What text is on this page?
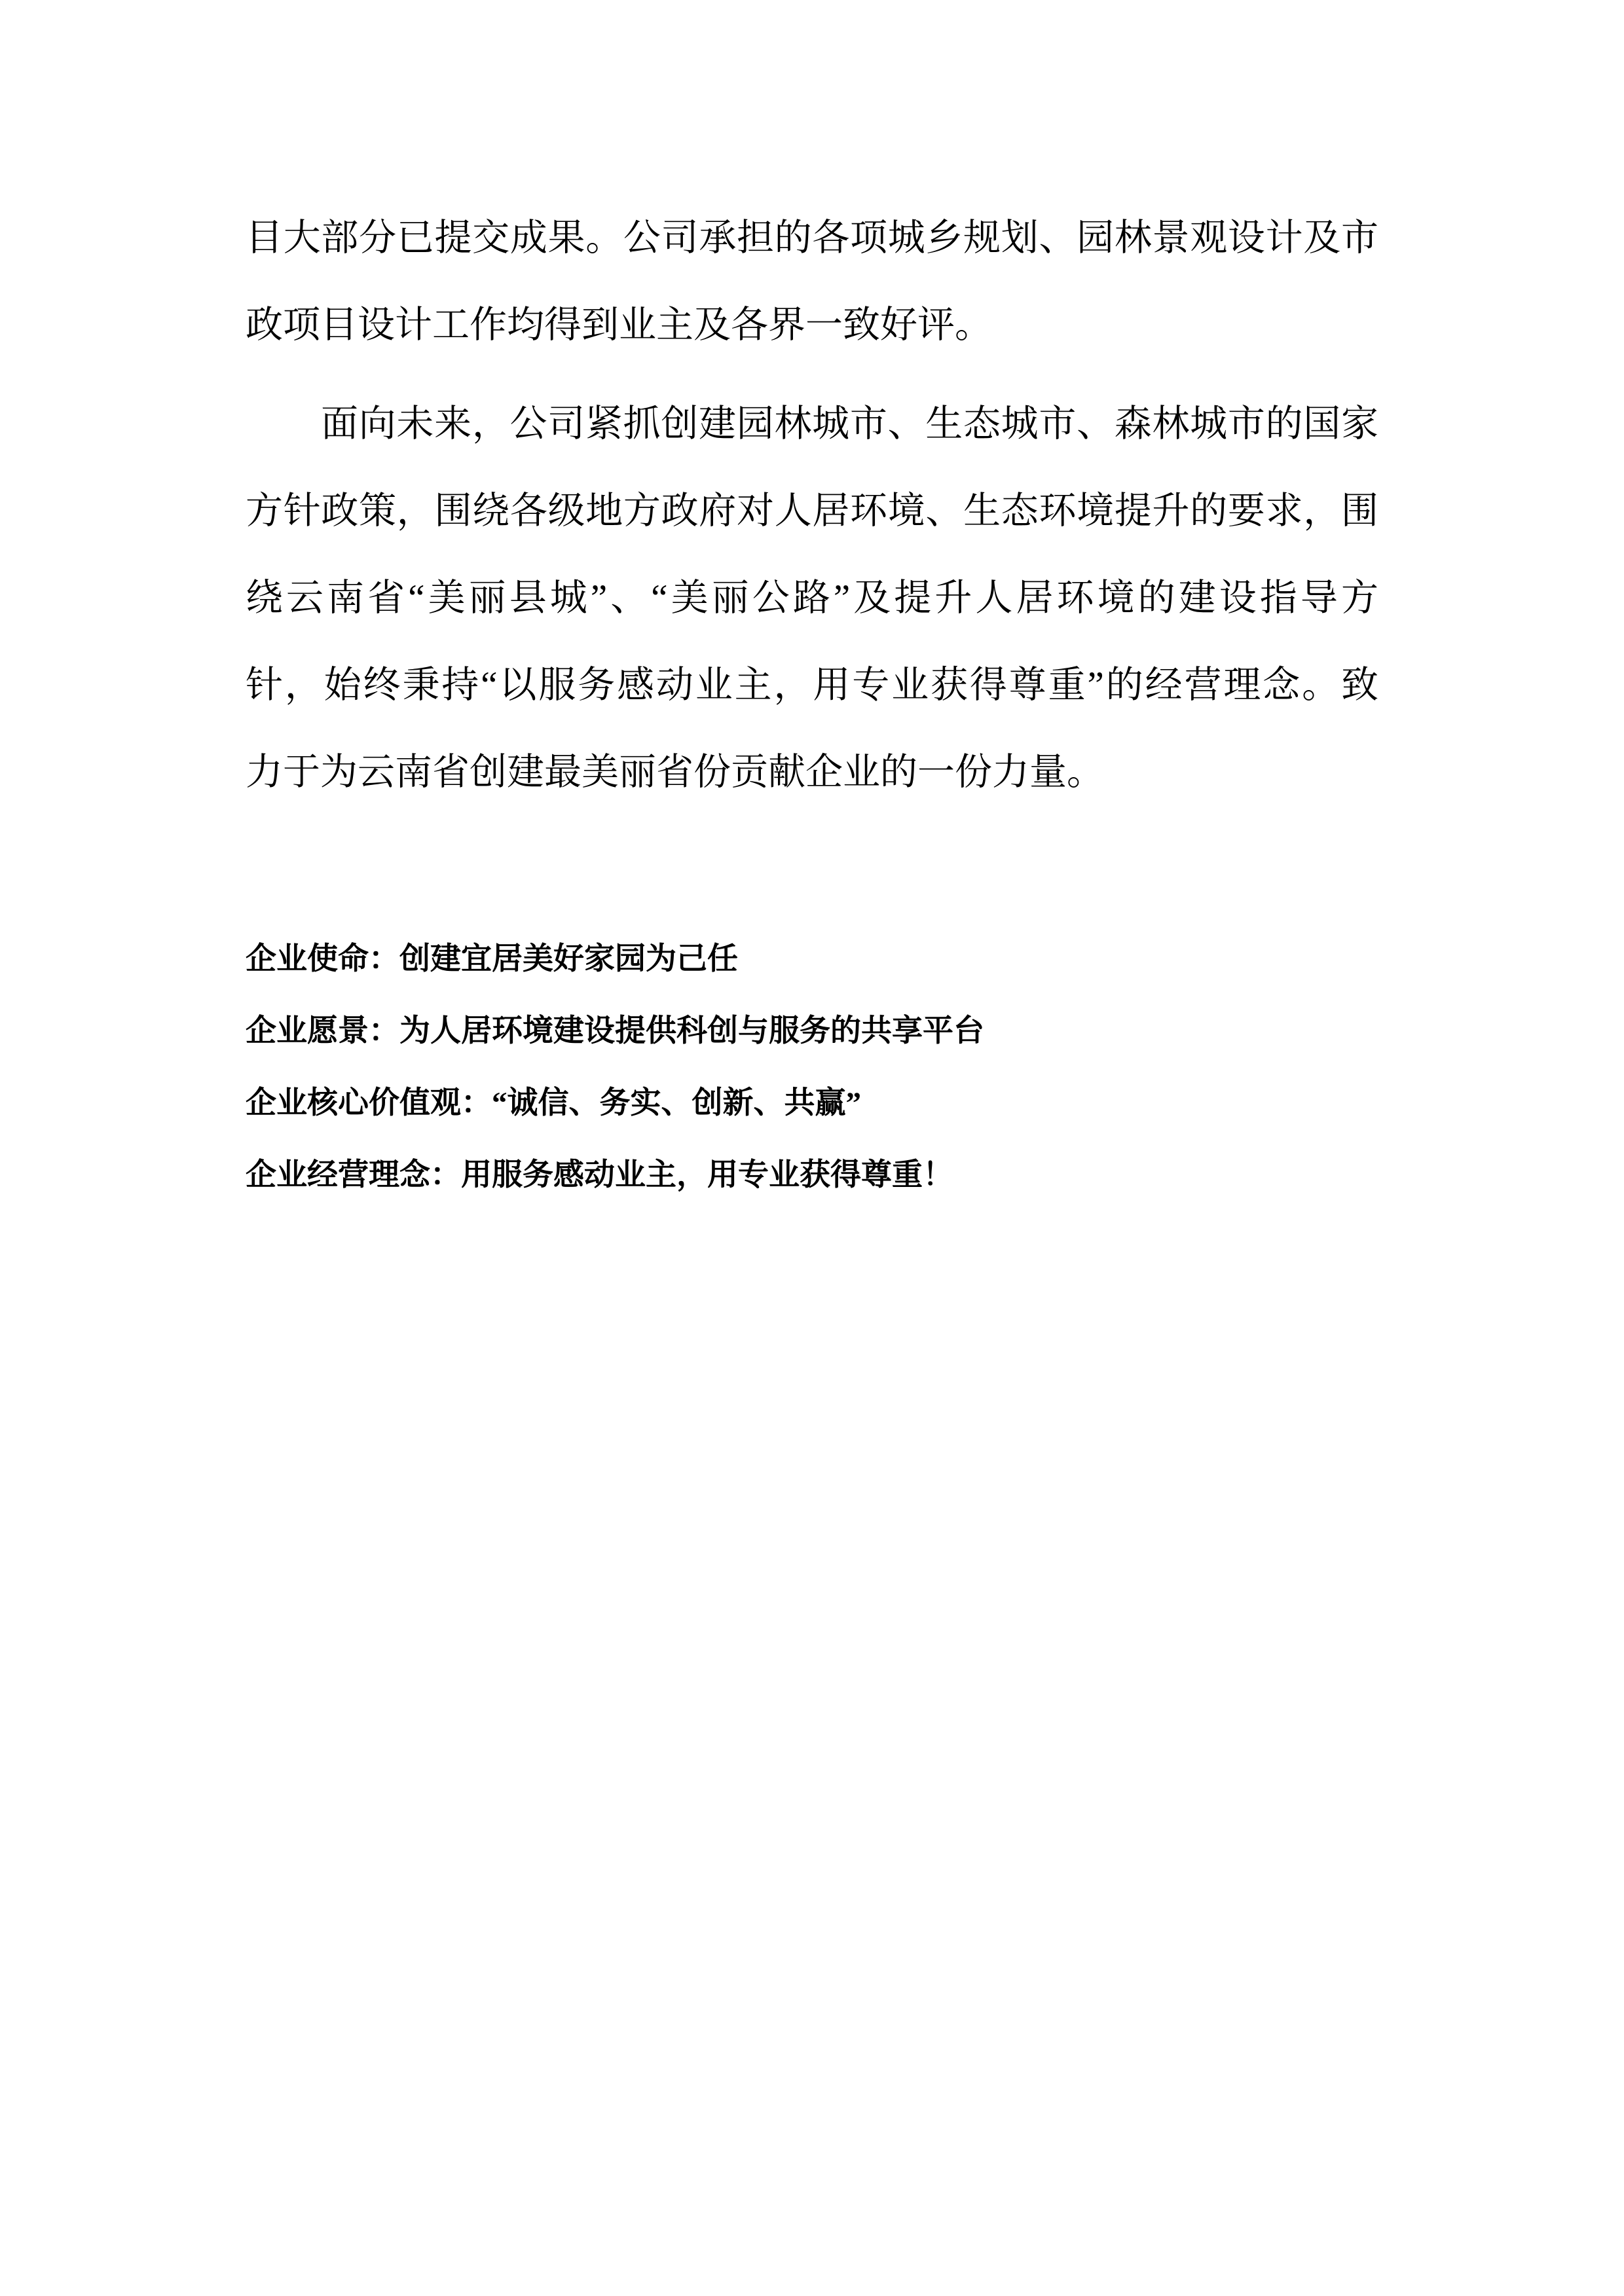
目大部分已提交成果。公司承担的各项城乡规划、园林景观设计及市
政项目设计工作均得到业主及各界一致好评。
面向未来，公司紧抓创建园林城市、生态城市、森林城市的国家
方针政策，围绕各级地方政府对人居环境、生态环境提升的要求，围
绕云南省“美丽县城”、“美丽公路”及提升人居环境的建设指导方
针，始终秉持“以服务感动业主，用专业获得尊重”的经营理念。致
力于为云南省创建最美丽省份贡献企业的一份力量。
企业使命：创建宜居美好家园为己任
企业愿景：为人居环境建设提供科创与服务的共享平台
企业核心价值观：“诚信、务实、创新、共赢”
企业经营理念：用服务感动业主，用专业获得尊重！
